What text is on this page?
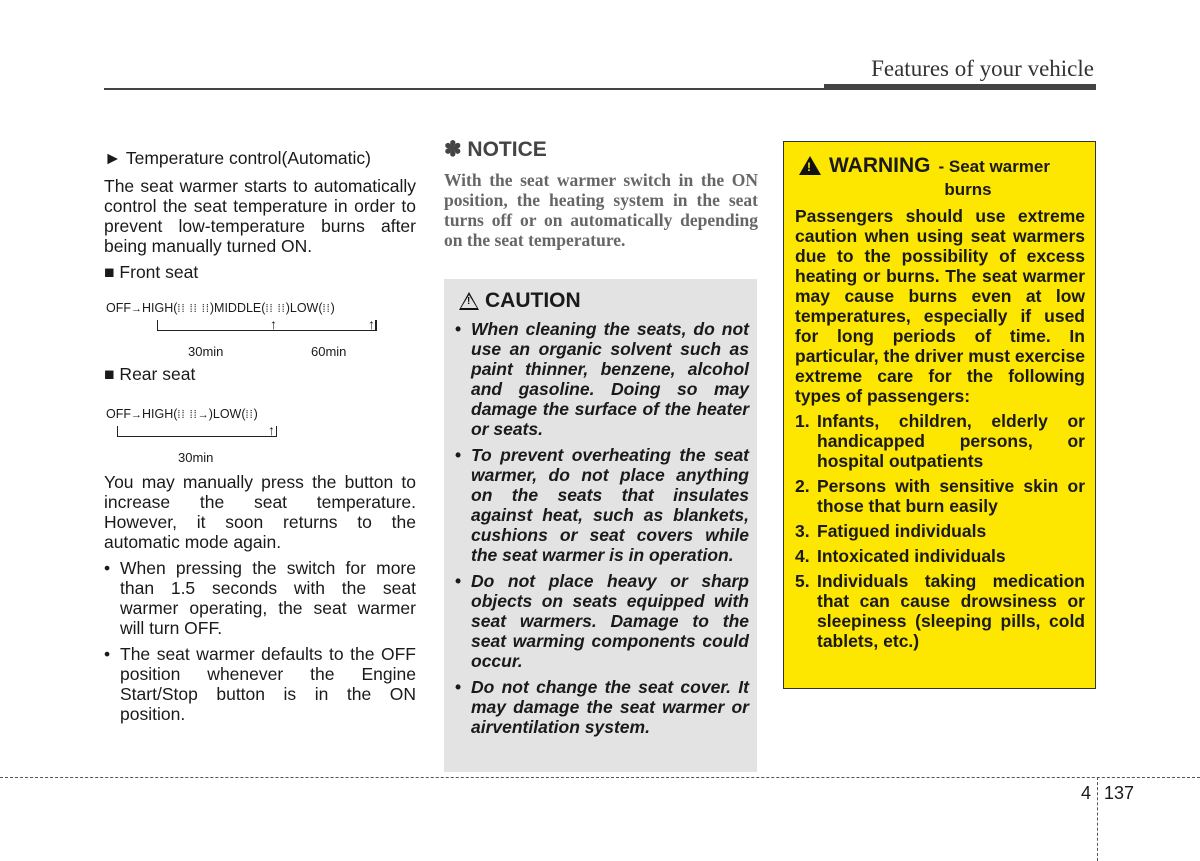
Features of your vehicle
► Temperature control(Automatic)

The seat warmer starts to automatically control the seat temperature in order to prevent low-temperature burns after being manually turned ON.

■ Front seat
OFF→HIGH(⁞⁞ ⁞⁞ ⁞⁞)MIDDLE(⁞⁞ ⁞⁞)LOW(⁞⁞)
↑	↑
30min	60min
■ Rear seat
OFF→HIGH(⁞⁞ ⁞⁞→)LOW(⁞⁞)
↑
30min

You may manually press the button to increase the seat temperature. However, it soon returns to the automatic mode again.

• When pressing the switch for more than 1.5 seconds with the seat warmer operating, the seat warmer will turn OFF.
• The seat warmer defaults to the OFF position whenever the Engine Start/Stop button is in the ON position.
✽ NOTICE

With the seat warmer switch in the ON position, the heating system in the seat turns off or on automatically depending on the seat temperature.

! CAUTION
• When cleaning the seats, do not use an organic solvent such as paint thinner, benzene, alcohol and gasoline. Doing so may damage the surface of the heater or seats.
• To prevent overheating the seat warmer, do not place anything on the seats that insulates against heat, such as blankets, cushions or seat covers while the seat warmer is in operation.
• Do not place heavy or sharp objects on seats equipped with seat warmers. Damage to the seat warming components could occur.
• Do not change the seat cover. It may damage the seat warmer or airventilation system.
! WARNING - Seat warmer
burns

Passengers should use extreme caution when using seat warmers due to the possibility of excess heating or burns. The seat warmer may cause burns even at low temperatures, especially if used for long periods of time. In particular, the driver must exercise extreme care for the following types of passengers:

1. Infants, children, elderly or handicapped persons, or hospital outpatients
2. Persons with sensitive skin or those that burn easily
3. Fatigued individuals
4. Intoxicated individuals
5. Individuals taking medication that can cause drowsiness or sleepiness (sleeping pills, cold tablets, etc.)
4 137
